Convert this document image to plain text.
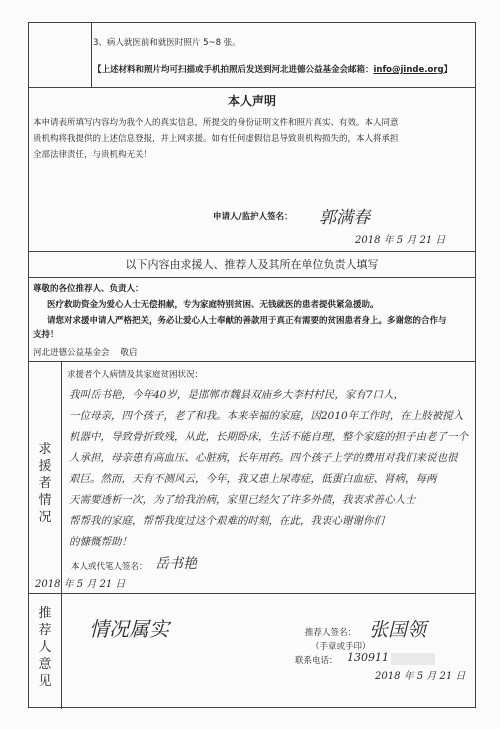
3、病人就医前和就医时照片 5~8 张。
【上述材料和照片均可扫描或手机拍照后发送到河北进德公益基金会邮箱：info@jinde.org】
本人声明
本申请表所填写内容均为我个人的真实信息，所提交的身份证明文件和照片真实、有效。本人同意
贵机构将我提供的上述信息登报，并上网求援。如有任何虚假信息导致贵机构损失的，本人将承担
全部法律责任，与贵机构无关！
申请人/监护人签名： 郭满春
2018 年 5 月 21 日
以下内容由求援人、推荐人及其所在单位负责人填写
尊敬的各位推荐人、负责人：
医疗救助资金为爱心人士无偿捐献，专为家庭特别贫困、无钱就医的患者提供紧急援助。
请您对求援申请人严格把关，务必让爱心人士奉献的善款用于真正有需要的贫困患者身上。多谢您的合作与
支持！
河北进德公益基金会 敬启
求援者情况
求援者个人病情及其家庭贫困状况：
我叫岳书艳，今年40岁，是邯郸市魏县双庙乡大李村村民，家有7口人，
一位母亲，四个孩子，老了和我。本来幸福的家庭，因2010年工作时，在上肢被搅入
机器中，导致骨折致残，从此，长期卧床，生活不能自理，整个家庭的担子由老了一个
人承担，母亲患有高血压、心脏病，长年用药。四个孩子上学的费用对我们来说也很
艰巨。然而，天有不测风云，今年，我又患上尿毒症，低蛋白血症、肾病，每两
天需要透析一次，为了给我治病，家里已经欠了许多外债，我衷求善心人士
帮帮我的家庭，帮帮我度过这个艰难的时刻，在此，我衷心谢谢你们
的慷慨帮助！
本人或代笔人签名： 岳书艳
2018 年 5 月 21 日
推荐人意见
情况属实	推荐人签名： 张国领
（手章或手印）
联系电话： 130911
2018 年 5 月 21 日
